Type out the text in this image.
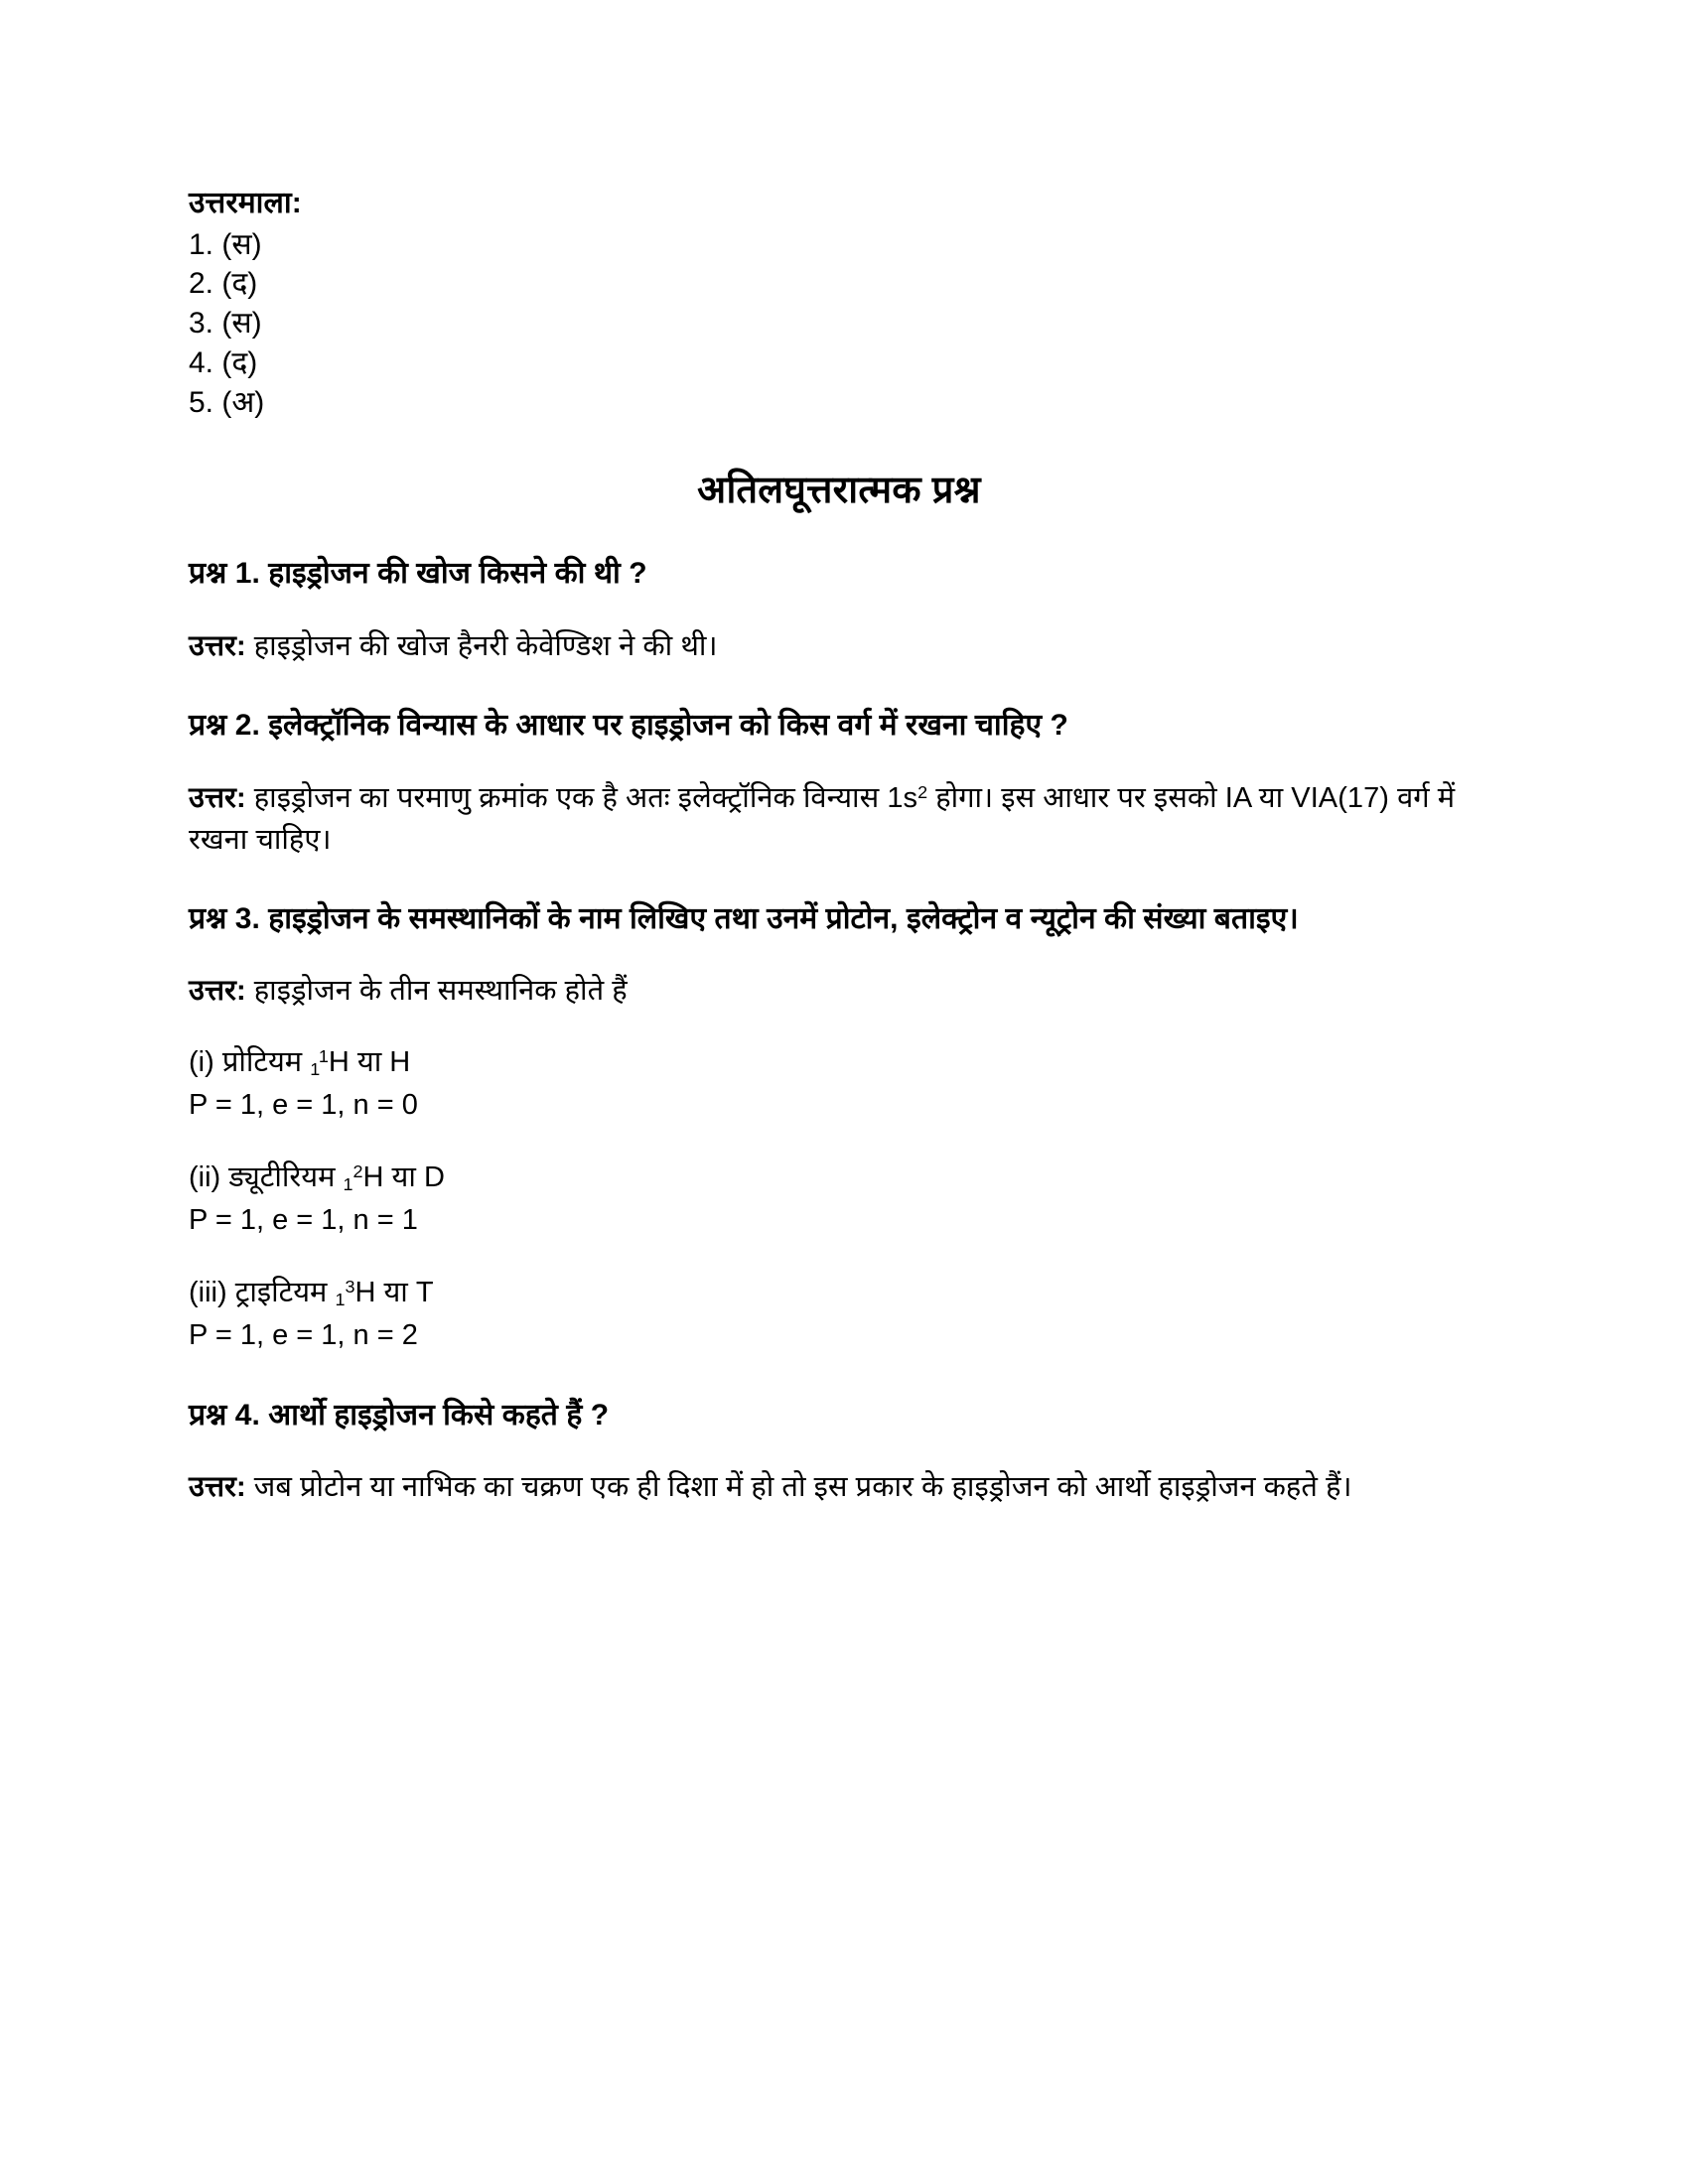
उत्तरमाला:

1. (स)
2. (द)
3. (स)
4. (द)
5. (अ)
अतिलघूत्तरात्मक प्रश्न

प्रश्न 1. हाइड्रोजन की खोज किसने की थी ?

उत्तर: हाइड्रोजन की खोज हैनरी केवेण्डिश ने की थी।

प्रश्न 2. इलेक्ट्रॉनिक विन्यास के आधार पर हाइड्रोजन को किस वर्ग में रखना चाहिए ?

उत्तर: हाइड्रोजन का परमाणु क्रमांक एक है अतः इलेक्ट्रॉनिक विन्यास $1s^2$ होगा। इस आधार पर इसको IA या VIA(17) वर्ग में रखना चाहिए।

प्रश्न 3. हाइड्रोजन के समस्थानिकों के नाम लिखिए तथा उनमें प्रोटोन, इलेक्ट्रोन व न्यूट्रोन की संख्या बताइए।

उत्तर: हाइड्रोजन के तीन समस्थानिक होते हैं

(i) प्रोटियम $_1^1$H या H

P = 1, e = 1, n = 0

(ii) ड्यूटीरियम $_1^2$H या D

P = 1, e = 1, n = 1

(iii) ट्राइटियम $_1^3$H या T

P = 1, e = 1, n = 2

प्रश्न 4. आर्थो हाइड्रोजन किसे कहते हैं ?

उत्तर: जब प्रोटोन या नाभिक का चक्रण एक ही दिशा में हो तो इस प्रकार के हाइड्रोजन को आर्थो हाइड्रोजन कहते हैं।
